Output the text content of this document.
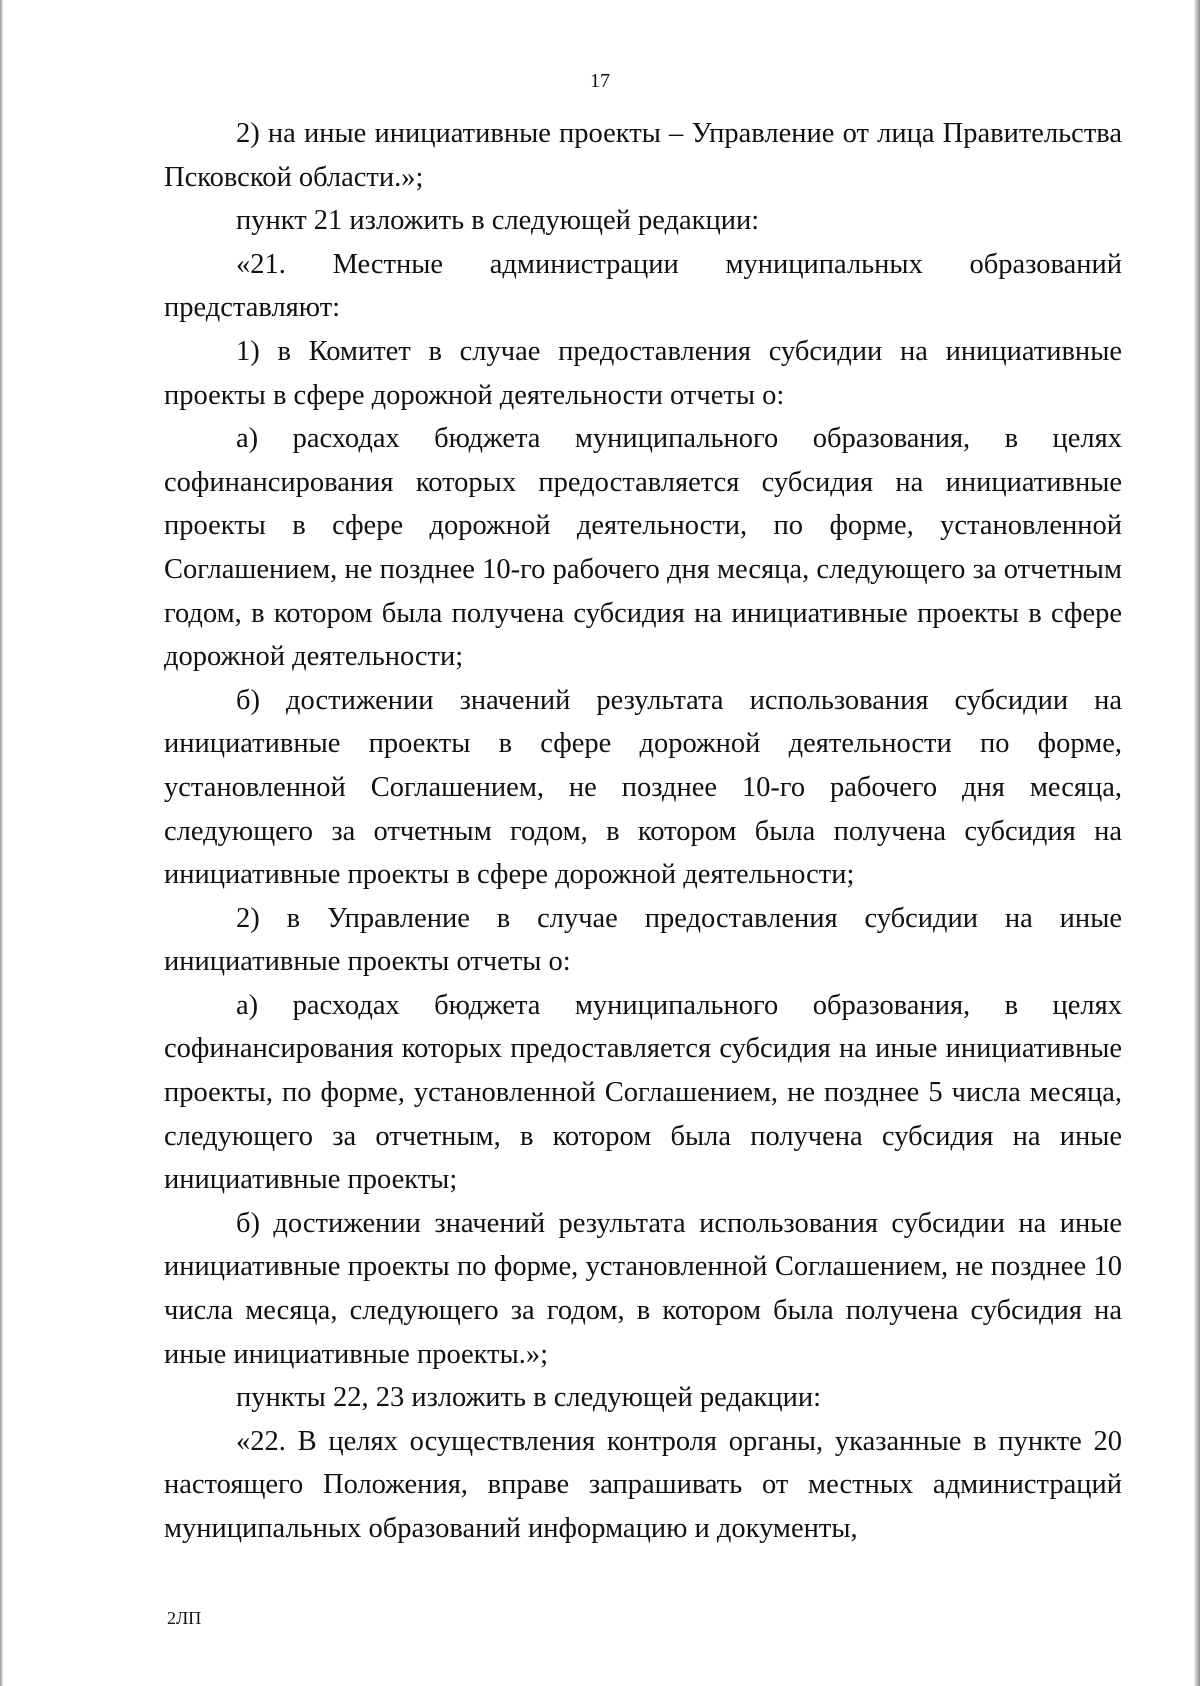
17

2) на иные инициативные проекты – Управление от лица Правительства Псковской области.»;

пункт 21 изложить в следующей редакции:

«21. Местные администрации муниципальных образований представляют:

1) в Комитет в случае предоставления субсидии на инициативные проекты в сфере дорожной деятельности отчеты о:

а) расходах бюджета муниципального образования, в целях софинансирования которых предоставляется субсидия на инициативные проекты в сфере дорожной деятельности, по форме, установленной Соглашением, не позднее 10-го рабочего дня месяца, следующего за отчетным годом, в котором была получена субсидия на инициативные проекты в сфере дорожной деятельности;

б) достижении значений результата использования субсидии на инициативные проекты в сфере дорожной деятельности по форме, установленной Соглашением, не позднее 10-го рабочего дня месяца, следующего за отчетным годом, в котором была получена субсидия на инициативные проекты в сфере дорожной деятельности;

2) в Управление в случае предоставления субсидии на иные инициативные проекты отчеты о:

а) расходах бюджета муниципального образования, в целях софинансирования которых предоставляется субсидия на иные инициативные проекты, по форме, установленной Соглашением, не позднее 5 числа месяца, следующего за отчетным, в котором была получена субсидия на иные инициативные проекты;

б) достижении значений результата использования субсидии на иные инициативные проекты по форме, установленной Соглашением, не позднее 10 числа месяца, следующего за годом, в котором была получена субсидия на иные инициативные проекты.»;

пункты 22, 23 изложить в следующей редакции:

«22. В целях осуществления контроля органы, указанные в пункте 20 настоящего Положения, вправе запрашивать от местных администраций муниципальных образований информацию и документы,

2ЛП
